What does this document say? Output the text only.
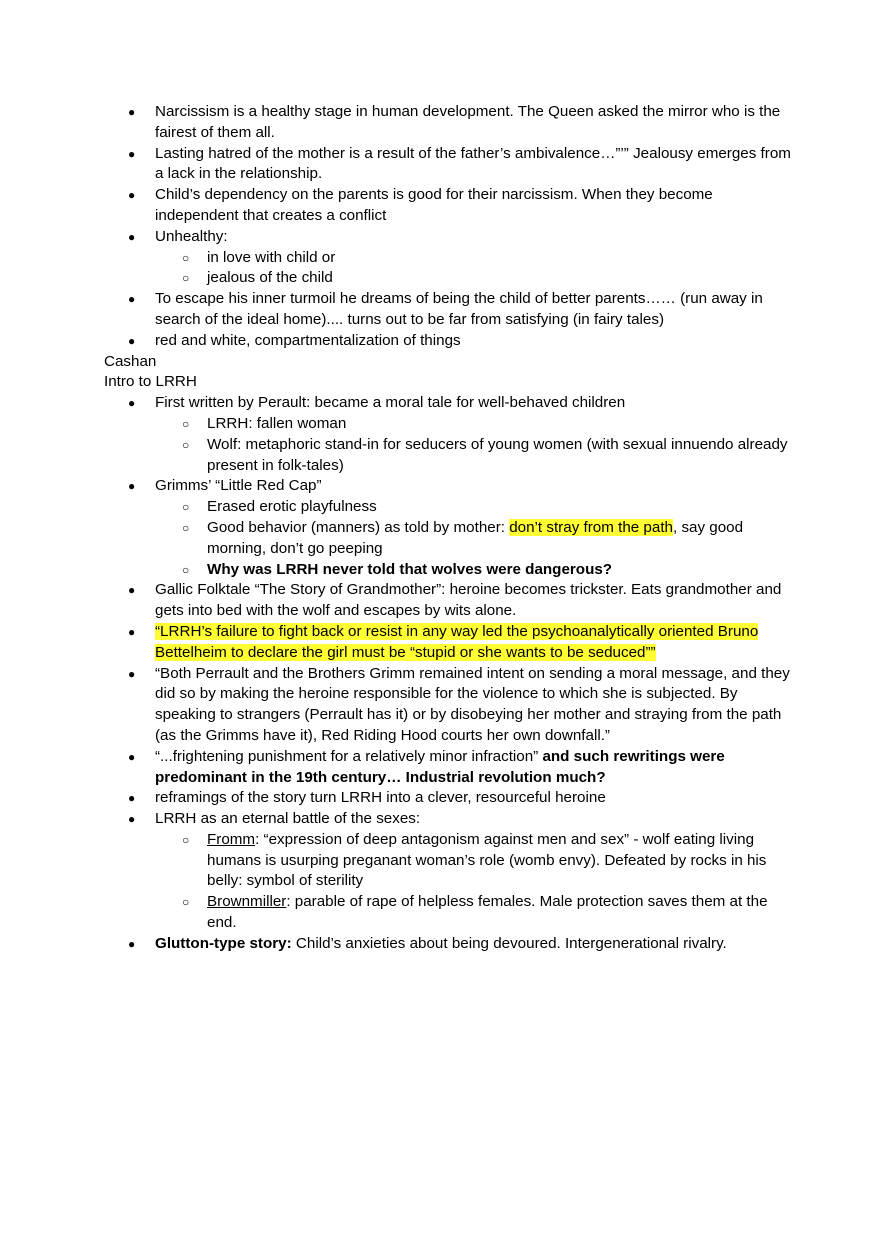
● Narcissism is a healthy stage in human development. The Queen asked the mirror who is the fairest of them all.
● Lasting hatred of the mother is a result of the father’s ambivalence…”’” Jealousy emerges from a lack in the relationship.
● Child’s dependency on the parents is good for their narcissism. When they become independent that creates a conflict
● Unhealthy:
○ in love with child or
○ jealous of the child
● To escape his inner turmoil he dreams of being the child of better parents…… (run away in search of the ideal home).... turns out to be far from satisfying (in fairy tales)
● red and white, compartmentalization of things
Cashan
Intro to LRRH
● First written by Perault: became a moral tale for well-behaved children
○ LRRH: fallen woman
○ Wolf: metaphoric stand-in for seducers of young women (with sexual innuendo already present in folk-tales)
● Grimms’ “Little Red Cap”
○ Erased erotic playfulness
○ Good behavior (manners) as told by mother: don’t stray from the path, say good morning, don’t go peeping
○ Why was LRRH never told that wolves were dangerous?
● Gallic Folktale “The Story of Grandmother”: heroine becomes trickster. Eats grandmother and gets into bed with the wolf and escapes by wits alone.
● “LRRH’s failure to fight back or resist in any way led the psychoanalytically oriented Bruno Bettelheim to declare the girl must be “stupid or she wants to be seduced””
● “Both Perrault and the Brothers Grimm remained intent on sending a moral message, and they did so by making the heroine responsible for the violence to which she is subjected. By speaking to strangers (Perrault has it) or by disobeying her mother and straying from the path (as the Grimms have it), Red Riding Hood courts her own downfall.”
● “...frightening punishment for a relatively minor infraction” and such rewritings were predominant in the 19th century… Industrial revolution much?
● reframings of the story turn LRRH into a clever, resourceful heroine
● LRRH as an eternal battle of the sexes:
○ Fromm: “expression of deep antagonism against men and sex” - wolf eating living humans is usurping preganant woman’s role (womb envy). Defeated by rocks in his belly: symbol of sterility
○ Brownmiller: parable of rape of helpless females. Male protection saves them at the end.
● Glutton-type story: Child’s anxieties about being devoured. Intergenerational rivalry.
